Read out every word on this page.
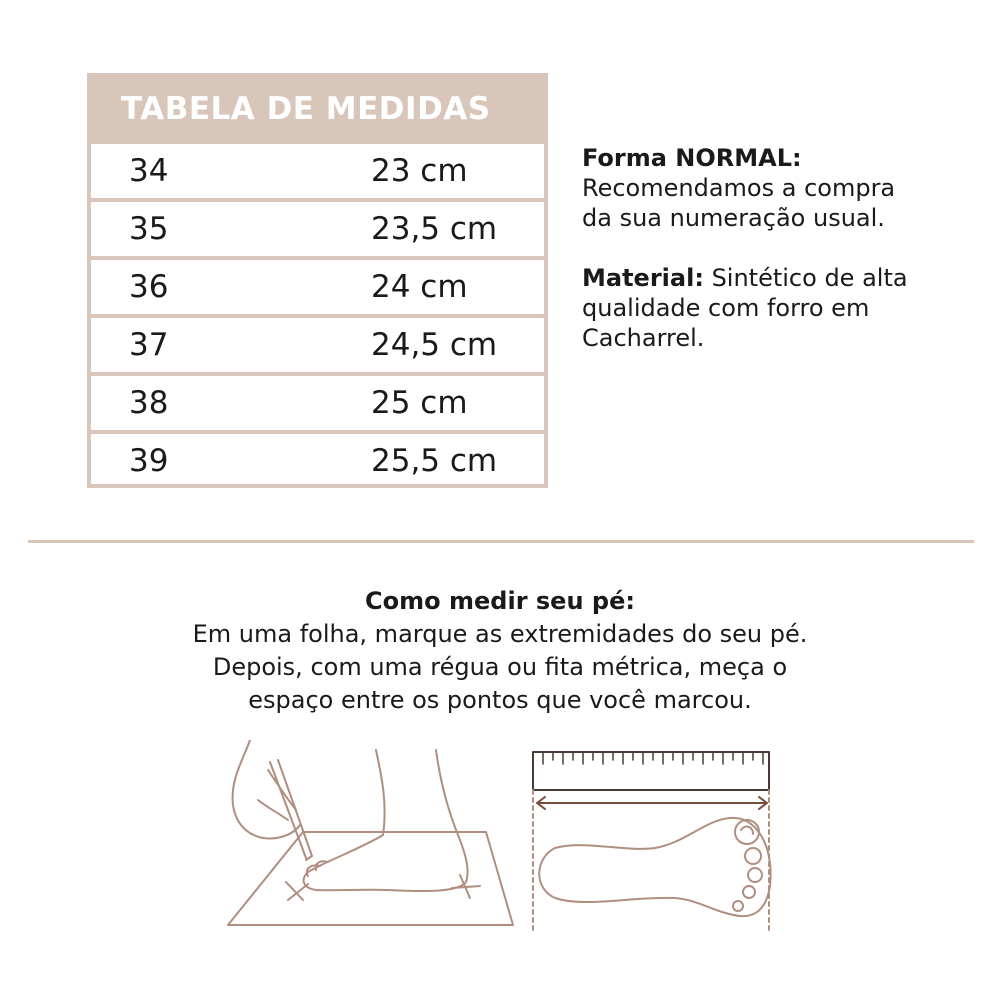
TABELA DE MEDIDAS
34	23 cm
35	23,5 cm
36	24 cm
37	24,5 cm
38	25 cm
39	25,5 cm

Forma NORMAL: Recomendamos a compra da sua numeração usual.

Material: Sintético de alta qualidade com forro em Cacharrel.

Como medir seu pé:
Em uma folha, marque as extremidades do seu pé.
Depois, com uma régua ou fita métrica, meça o
espaço entre os pontos que você marcou.
